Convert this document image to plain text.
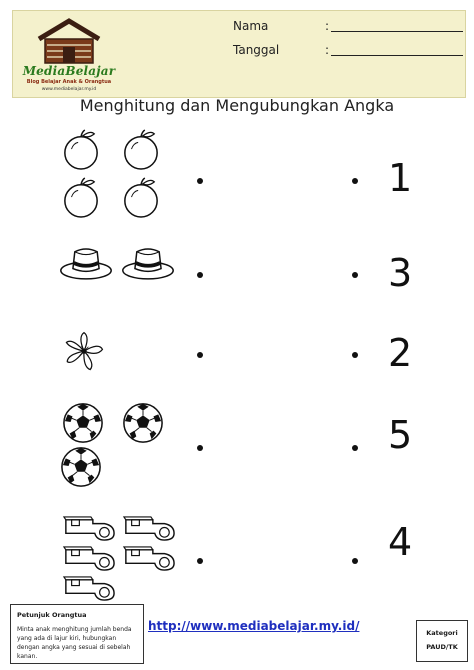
MediaBelajar
Blog Belajar Anak & Orangtua
www.mediabelajar.my.id
Nama	:
Tanggal	:
Menghitung dan Mengubungkan Angka
1
3
2
5
4
Petunjuk Orangtua
Minta anak menghitung jumlah benda yang ada di lajur kiri, hubungkan dengan angka yang sesuai di sebelah kanan.
http://www.mediabelajar.my.id/	Kategori
PAUD/TK
